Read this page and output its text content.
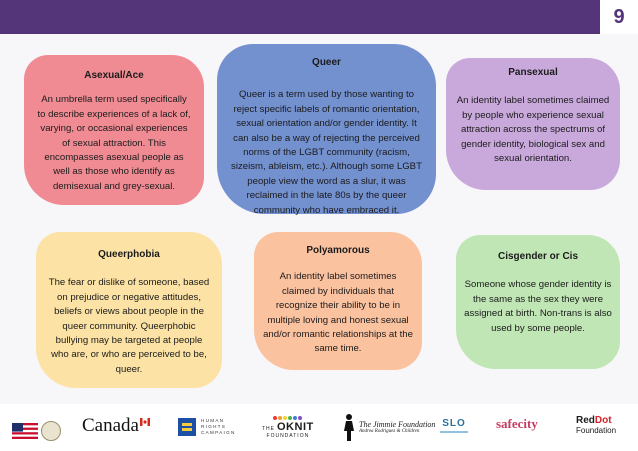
9
Asexual/Ace

An umbrella term used specifically to describe experiences of a lack of, varying, or occasional experiences of sexual attraction. This encompasses asexual people as well as those who identify as demisexual and grey-sexual.

Queer

Queer is a term used by those wanting to reject specific labels of romantic orientation, sexual orientation and/or gender identity. It can also be a way of rejecting the perceived norms of the LGBT community (racism, sizeism, ableism, etc.). Although some LGBT people view the word as a slur, it was reclaimed in the late 80s by the queer community who have embraced it.

Pansexual

An identity label sometimes claimed by people who experience sexual attraction across the spectrums of gender identity, biological sex and sexual orientation.

Queerphobia

The fear or dislike of someone, based on prejudice or negative attitudes, beliefs or views about people in the queer community. Queerphobic bullying may be targeted at people who are, or who are perceived to be, queer.

Polyamorous

An identity label sometimes claimed by individuals that recognize their ability to be in multiple loving and honest sexual and/or romantic relationships at the same time.

Cisgender or Cis

Someone whose gender identity is the same as the sex they were assigned at birth. Non-trans is also used by some people.

Canada	HUMAN
RIGHTS
CAMPAIGN
THE OKNIT
FOUNDATION
The Jimmie Foundation
Andrea Rodriguez & Children
SLO safecity	RedDot
Foundation
